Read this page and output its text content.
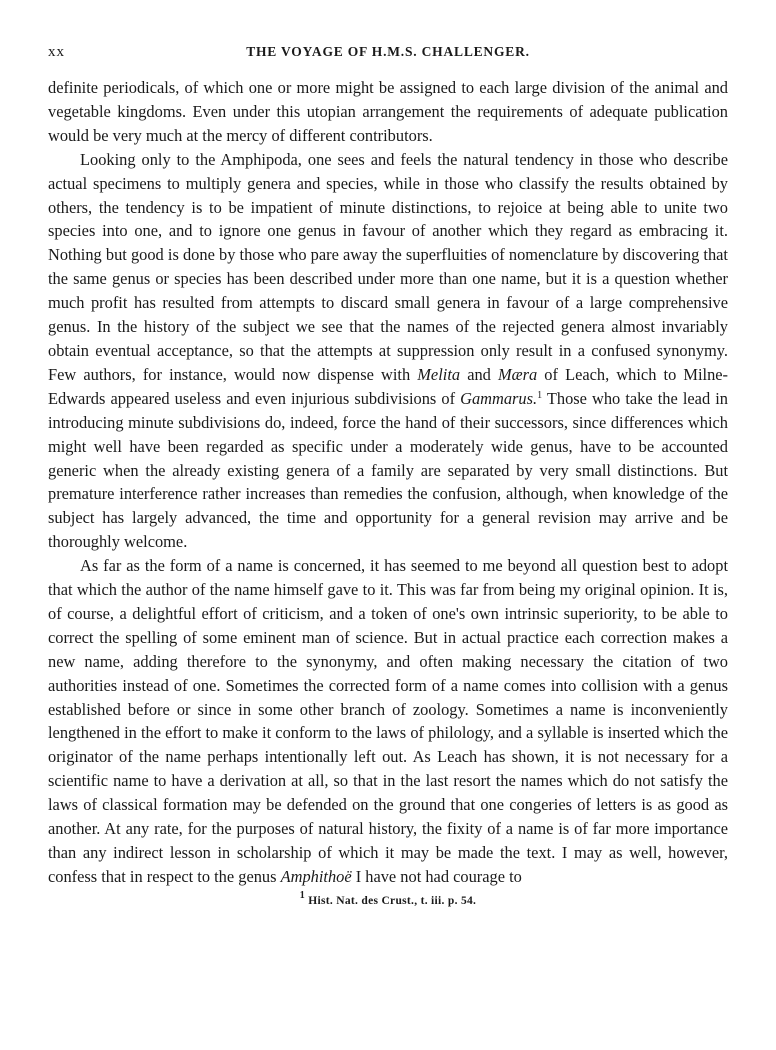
xx	THE VOYAGE OF H.M.S. CHALLENGER.

definite periodicals, of which one or more might be assigned to each large division of the animal and vegetable kingdoms. Even under this utopian arrangement the requirements of adequate publication would be very much at the mercy of different contributors.

Looking only to the Amphipoda, one sees and feels the natural tendency in those who describe actual specimens to multiply genera and species, while in those who classify the results obtained by others, the tendency is to be impatient of minute distinctions, to rejoice at being able to unite two species into one, and to ignore one genus in favour of another which they regard as embracing it. Nothing but good is done by those who pare away the superfluities of nomenclature by discovering that the same genus or species has been described under more than one name, but it is a question whether much profit has resulted from attempts to discard small genera in favour of a large comprehensive genus. In the history of the subject we see that the names of the rejected genera almost invariably obtain eventual acceptance, so that the attempts at suppression only result in a confused synonymy. Few authors, for instance, would now dispense with Melita and Mæra of Leach, which to Milne-Edwards appeared useless and even injurious subdivisions of Gammarus.$^1$ Those who take the lead in introducing minute subdivisions do, indeed, force the hand of their successors, since differences which might well have been regarded as specific under a moderately wide genus, have to be accounted generic when the already existing genera of a family are separated by very small distinctions. But premature interference rather increases than remedies the confusion, although, when knowledge of the subject has largely advanced, the time and opportunity for a general revision may arrive and be thoroughly welcome.

As far as the form of a name is concerned, it has seemed to me beyond all question best to adopt that which the author of the name himself gave to it. This was far from being my original opinion. It is, of course, a delightful effort of criticism, and a token of one's own intrinsic superiority, to be able to correct the spelling of some eminent man of science. But in actual practice each correction makes a new name, adding therefore to the synonymy, and often making necessary the citation of two authorities instead of one. Sometimes the corrected form of a name comes into collision with a genus established before or since in some other branch of zoology. Sometimes a name is inconveniently lengthened in the effort to make it conform to the laws of philology, and a syllable is inserted which the originator of the name perhaps intentionally left out. As Leach has shown, it is not necessary for a scientific name to have a derivation at all, so that in the last resort the names which do not satisfy the laws of classical formation may be defended on the ground that one congeries of letters is as good as another. At any rate, for the purposes of natural history, the fixity of a name is of far more importance than any indirect lesson in scholarship of which it may be made the text. I may as well, however, confess that in respect to the genus Amphithoë I have not had courage to

$^1$ Hist. Nat. des Crust., t. iii. p. 54.
